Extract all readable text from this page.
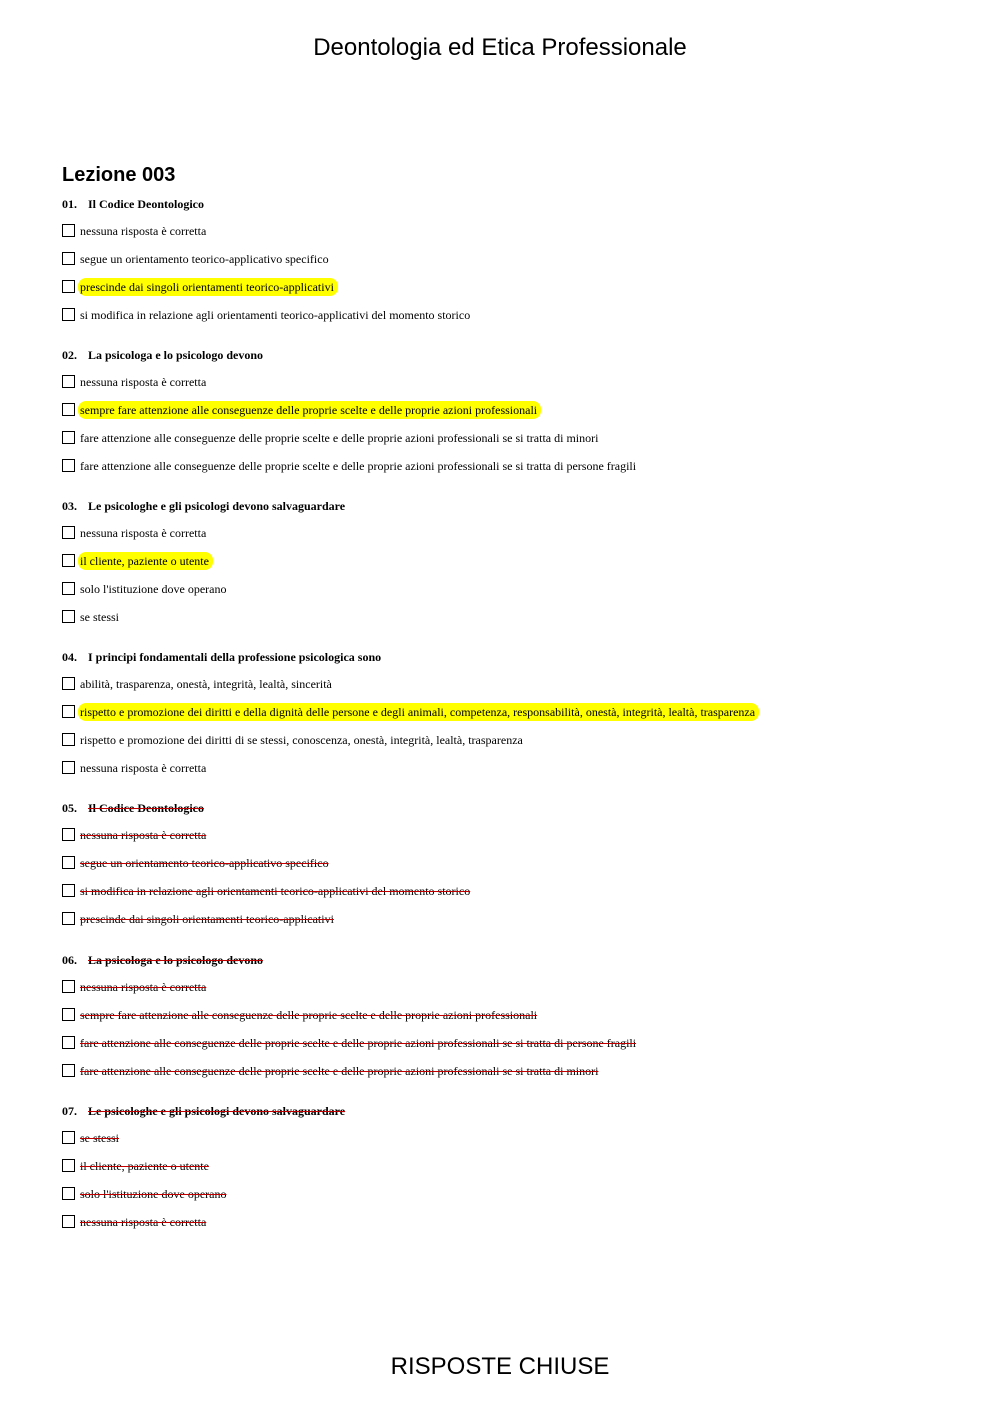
Deontologia ed Etica Professionale
Lezione 003
01. Il Codice Deontologico
nessuna risposta è corretta
segue un orientamento teorico-applicativo specifico
prescinde dai singoli orientamenti teorico-applicativi
si modifica in relazione agli orientamenti teorico-applicativi del momento storico
02. La psicologa e lo psicologo devono
nessuna risposta è corretta
sempre fare attenzione alle conseguenze delle proprie scelte e delle proprie azioni professionali
fare attenzione alle conseguenze delle proprie scelte e delle proprie azioni professionali se si tratta di minori
fare attenzione alle conseguenze delle proprie scelte e delle proprie azioni professionali se si tratta di persone fragili
03. Le psicologhe e gli psicologi devono salvaguardare
nessuna risposta è corretta
il cliente, paziente o utente
solo l'istituzione dove operano
se stessi
04. I principi fondamentali della professione psicologica sono
abilità, trasparenza, onestà, integrità, lealtà, sincerità
rispetto e promozione dei diritti e della dignità delle persone e degli animali, competenza, responsabilità, onestà, integrità, lealtà, trasparenza
rispetto e promozione dei diritti di se stessi, conoscenza, onestà, integrità, lealtà, trasparenza
nessuna risposta è corretta
05. Il Codice Deontologico
nessuna risposta è corretta
segue un orientamento teorico-applicativo specifico
si modifica in relazione agli orientamenti teorico-applicativi del momento storico
prescinde dai singoli orientamenti teorico-applicativi
06. La psicologa e lo psicologo devono
nessuna risposta è corretta
sempre fare attenzione alle conseguenze delle proprie scelte e delle proprie azioni professionali
fare attenzione alle conseguenze delle proprie scelte e delle proprie azioni professionali se si tratta di persone fragili
fare attenzione alle conseguenze delle proprie scelte e delle proprie azioni professionali se si tratta di minori
07. Le psicologhe e gli psicologi devono salvaguardare
se stessi
il cliente, paziente o utente
solo l'istituzione dove operano
nessuna risposta è corretta
RISPOSTE CHIUSE
